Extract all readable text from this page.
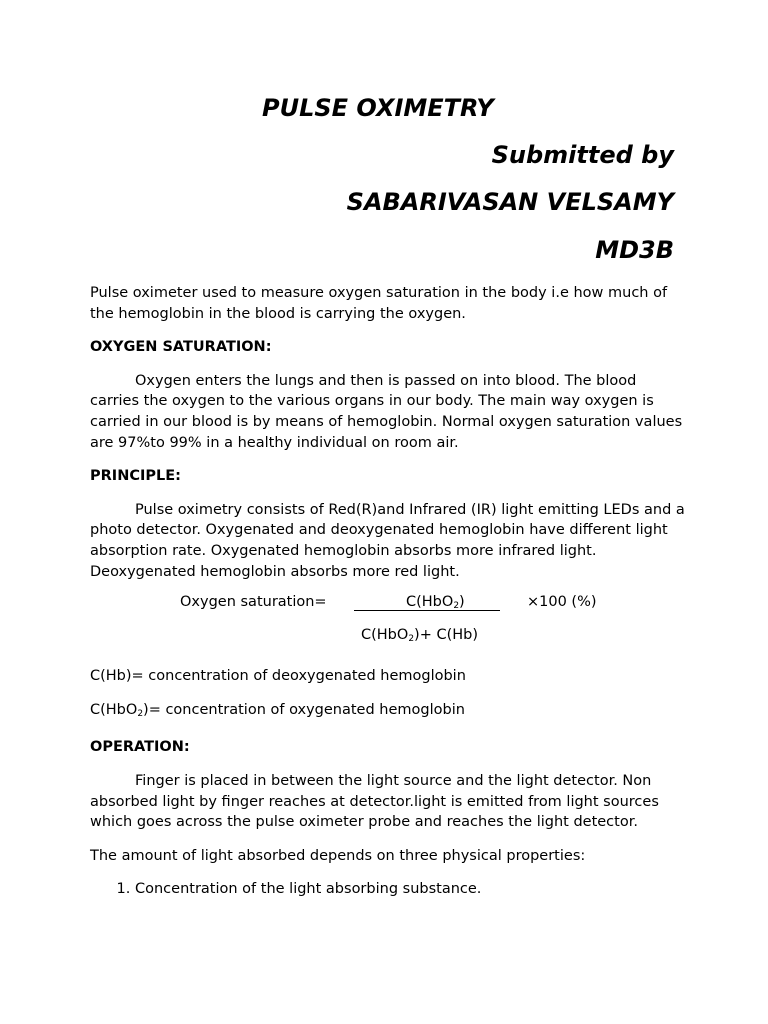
PULSE OXIMETRY
Submitted by
SABARIVASAN VELSAMY
MD3B

Pulse oximeter used to measure oxygen saturation in the body i.e how much of the hemoglobin in the blood is carrying the oxygen.

OXYGEN SATURATION:

Oxygen enters the lungs and then is passed on into blood. The blood carries the oxygen to the various organs in our body. The main way oxygen is carried in our blood is by means of hemoglobin. Normal oxygen saturation values are 97%to 99% in a healthy individual on room air.

PRINCIPLE:

Pulse oximetry consists of Red(R)and Infrared (IR) light emitting LEDs and a photo detector. Oxygenated and deoxygenated hemoglobin have different light absorption rate. Oxygenated hemoglobin absorbs more infrared light. Deoxygenated hemoglobin absorbs more red light.

Oxygen saturation=	C(HbO$_2$)	×100 (%)
C(HbO$_2$)+ C(Hb)

C(Hb)= concentration of deoxygenated hemoglobin

C(HbO$_2$)= concentration of oxygenated hemoglobin

OPERATION:

Finger is placed in between the light source and the light detector. Non absorbed light by finger reaches at detector.light is emitted from light sources which goes across the pulse oximeter probe and reaches the light detector.

The amount of light absorbed depends on three physical properties:

1. Concentration of the light absorbing substance.
